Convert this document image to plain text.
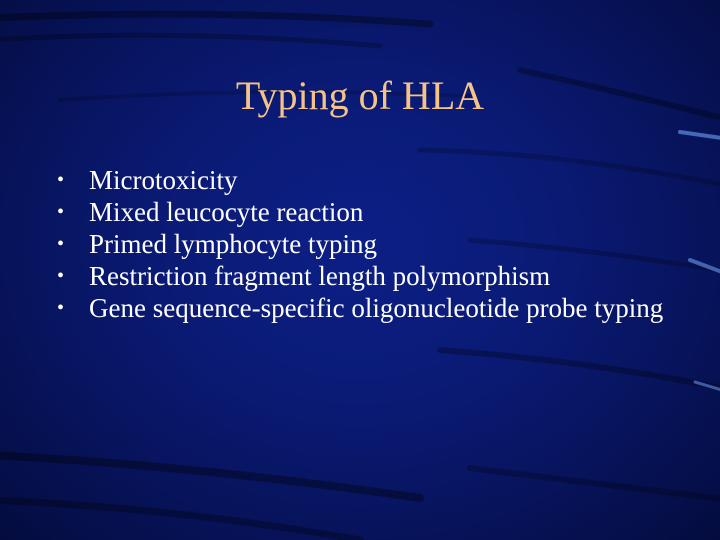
Typing of HLA
• Microtoxicity
• Mixed leucocyte reaction
• Primed lymphocyte typing
• Restriction fragment length polymorphism
• Gene sequence-specific oligonucleotide probe typing
